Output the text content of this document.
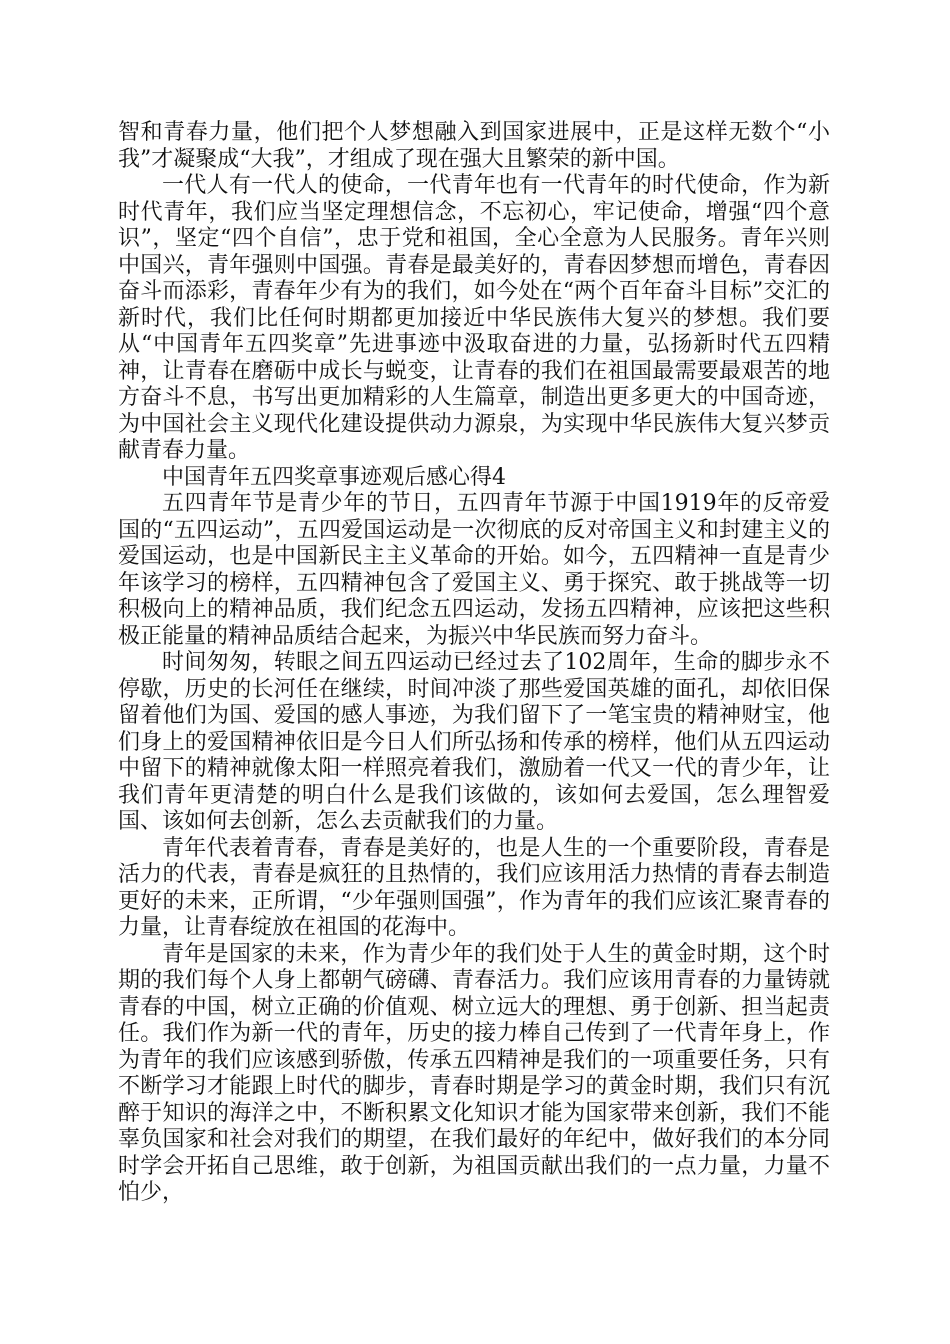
智和青春力量，他们把个人梦想融入到国家进展中，正是这样无数个“小我”才凝聚成“大我”，才组成了现在强大且繁荣的新中国。

一代人有一代人的使命，一代青年也有一代青年的时代使命，作为新时代青年，我们应当坚定理想信念，不忘初心，牢记使命，增强“四个意识”，坚定“四个自信”，忠于党和祖国，全心全意为人民服务。青年兴则中国兴，青年强则中国强。青春是最美好的，青春因梦想而增色，青春因奋斗而添彩，青春年少有为的我们，如今处在“两个百年奋斗目标”交汇的新时代，我们比任何时期都更加接近中华民族伟大复兴的梦想。我们要从“中国青年五四奖章”先进事迹中汲取奋进的力量，弘扬新时代五四精神，让青春在磨砺中成长与蜕变，让青春的我们在祖国最需要最艰苦的地方奋斗不息，书写出更加精彩的人生篇章，制造出更多更大的中国奇迹，为中国社会主义现代化建设提供动力源泉，为实现中华民族伟大复兴梦贡献青春力量。

中国青年五四奖章事迹观后感心得4

五四青年节是青少年的节日，五四青年节源于中国1919年的反帝爱国的“五四运动”，五四爱国运动是一次彻底的反对帝国主义和封建主义的爱国运动，也是中国新民主主义革命的开始。如今，五四精神一直是青少年该学习的榜样，五四精神包含了爱国主义、勇于探究、敢于挑战等一切积极向上的精神品质，我们纪念五四运动，发扬五四精神，应该把这些积极正能量的精神品质结合起来，为振兴中华民族而努力奋斗。

时间匆匆，转眼之间五四运动已经过去了102周年，生命的脚步永不停歇，历史的长河任在继续，时间冲淡了那些爱国英雄的面孔，却依旧保留着他们为国、爱国的感人事迹，为我们留下了一笔宝贵的精神财宝，他们身上的爱国精神依旧是今日人们所弘扬和传承的榜样，他们从五四运动中留下的精神就像太阳一样照亮着我们，激励着一代又一代的青少年，让我们青年更清楚的明白什么是我们该做的，该如何去爱国，怎么理智爱国、该如何去创新，怎么去贡献我们的力量。

青年代表着青春，青春是美好的，也是人生的一个重要阶段，青春是活力的代表，青春是疯狂的且热情的，我们应该用活力热情的青春去制造更好的未来，正所谓，“少年强则国强”，作为青年的我们应该汇聚青春的力量，让青春绽放在祖国的花海中。

青年是国家的未来，作为青少年的我们处于人生的黄金时期，这个时期的我们每个人身上都朝气磅礴、青春活力。我们应该用青春的力量铸就青春的中国，树立正确的价值观、树立远大的理想、勇于创新、担当起责任。我们作为新一代的青年，历史的接力棒自己传到了一代青年身上，作为青年的我们应该感到骄傲，传承五四精神是我们的一项重要任务，只有不断学习才能跟上时代的脚步，青春时期是学习的黄金时期，我们只有沉醉于知识的海洋之中，不断积累文化知识才能为国家带来创新，我们不能辜负国家和社会对我们的期望，在我们最好的年纪中，做好我们的本分同时学会开拓自己思维，敢于创新，为祖国贡献出我们的一点力量，力量不怕少，
